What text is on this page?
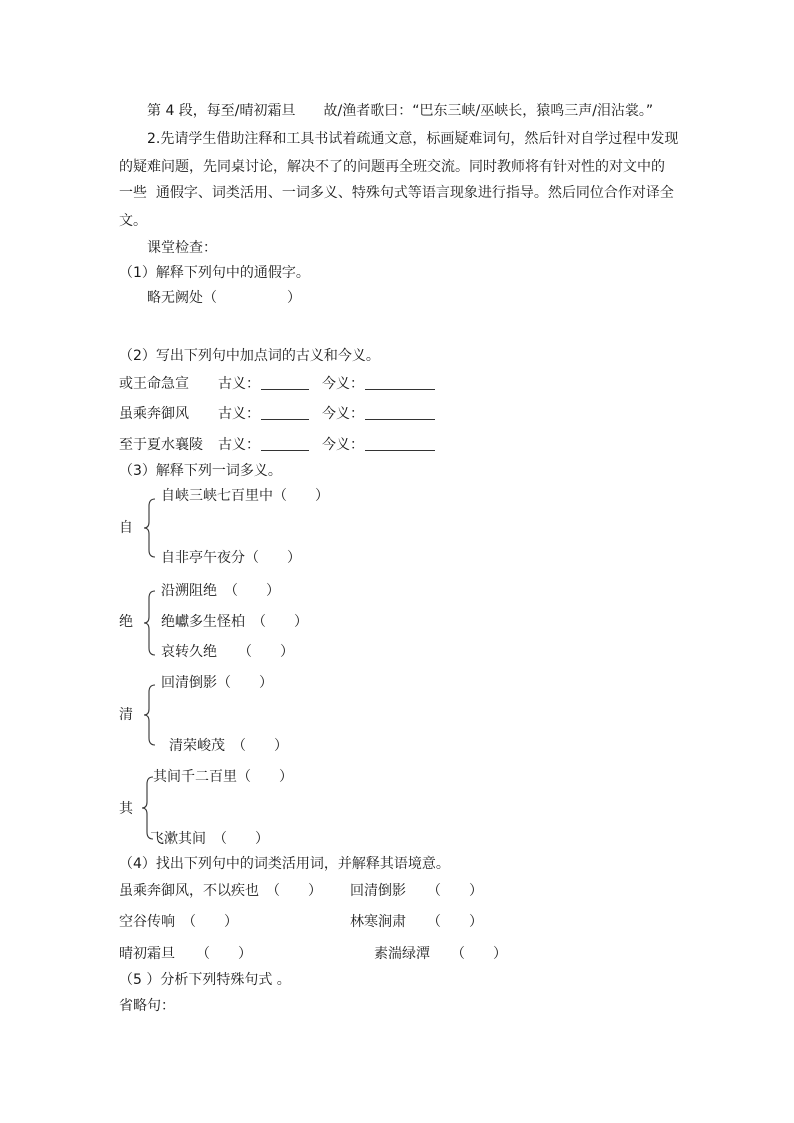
第 4 段，每至/晴初霜旦　　故/渔者歌曰：“巴东三峡/巫峡长，猿鸣三声/泪沾裳。”
2.先请学生借助注释和工具书试着疏通文意，标画疑难词句，然后针对自学过程中发现
的疑难问题，先同桌讨论，解决不了的问题再全班交流。同时教师将有针对性的对文中的
一些  通假字、词类活用、一词多义、特殊句式等语言现象进行指导。然后同位合作对译全
文。
课堂检查：
（1）解释下列句中的通假字。
略无阙处（　　　　　）
（2）写出下列句中加点词的古义和今义。
或王命急宣 古义：	今义：
虽乘奔御风 古义：	今义：
至于夏水襄陵 古义：	今义：
（3）解释下列一词多义。
自
自峡三峡七百里中（　　）
自非亭午夜分（　　）
绝
沿溯阻绝　（　　）
绝巘多生怪柏　（　　）
哀转久绝　　（　　）
清
回清倒影（　　）
清荣峻茂　（　　）
其
其间千二百里（　　）
飞漱其间　（　　）
（4）找出下列句中的词类活用词，并解释其语境意。
虽乘奔御风，不以疾也　（　　） 回清倒影　　（　　）
空谷传响　（　　）	林寒涧肃　　（　　）
晴初霜旦　　（　　）	素湍绿潭　　（　　）
（5 ）分析下列特殊句式 。
省略句：
